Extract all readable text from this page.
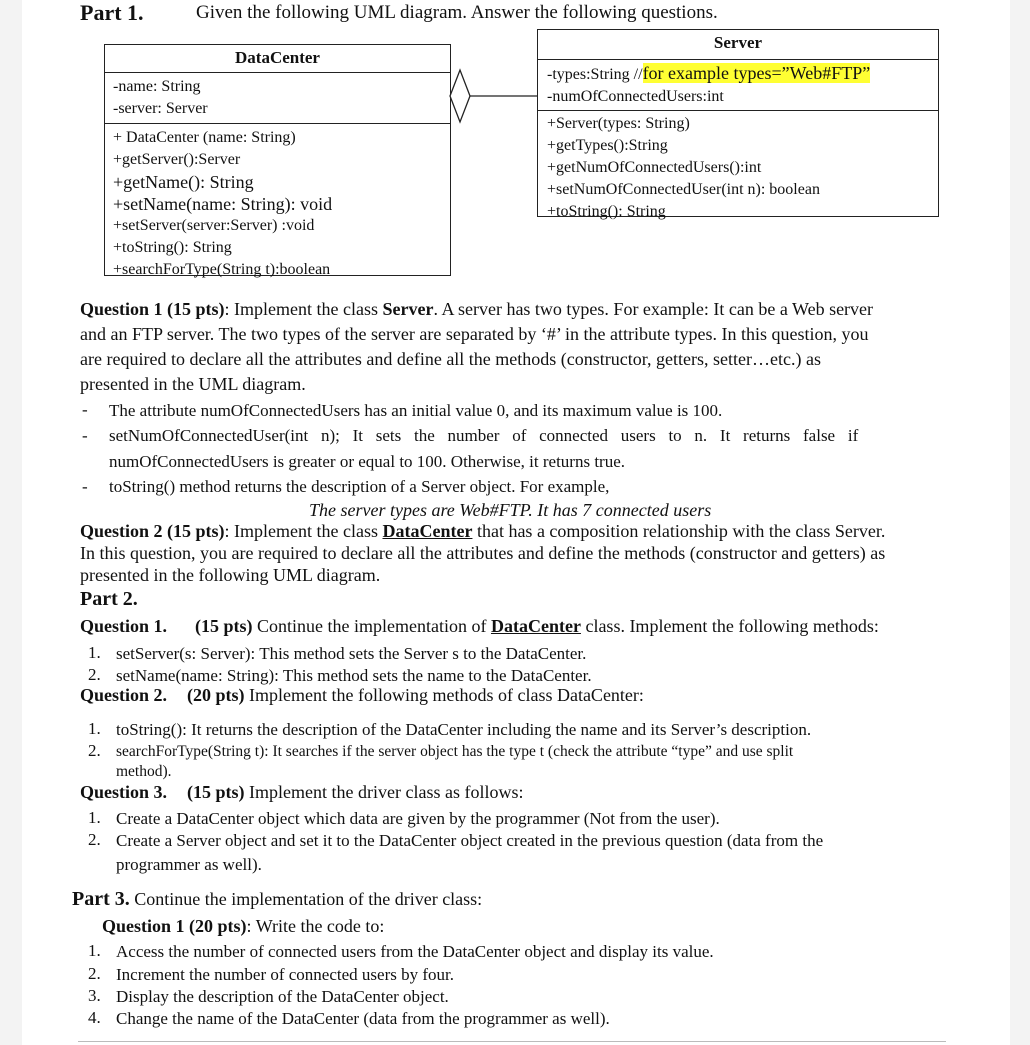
Part 1.	Given the following UML diagram. Answer the following questions.
DataCenter
-name: String
-server: Server
+ DataCenter (name: String)
+getServer():Server
+getName(): String
+setName(name: String): void
+setServer(server:Server) :void
+toString(): String
+searchForType(String t):boolean
Server
-types:String //for example types=”Web#FTP”
-numOfConnectedUsers:int
+Server(types: String)
+getTypes():String
+getNumOfConnectedUsers():int
+setNumOfConnectedUser(int n): boolean
+toString(): String
Question 1 (15 pts): Implement the class Server. A server has two types. For example: It can be a Web server
and an FTP server. The two types of the server are separated by ‘#’ in the attribute types. In this question, you
are required to declare all the attributes and define all the methods (constructor, getters, setter…etc.) as
presented in the UML diagram.
- The attribute numOfConnectedUsers has an initial value 0, and its maximum value is 100.
- setNumOfConnectedUser(int   n);   It   sets   the   number   of   connected   users   to   n.   It   returns   false   if
numOfConnectedUsers is greater or equal to 100. Otherwise, it returns true.
- toString() method returns the description of a Server object. For example,
The server types are Web#FTP. It has 7 connected users
Question 2 (15 pts): Implement the class DataCenter that has a composition relationship with the class Server.
In this question, you are required to declare all the attributes and define the methods (constructor and getters) as
presented in the following UML diagram.
Part 2.
Question 1. (15 pts) Continue the implementation of DataCenter class. Implement the following methods:
1. setServer(s: Server): This method sets the Server s to the DataCenter.
2. setName(name: String): This method sets the name to the DataCenter.
Question 2. (20 pts) Implement the following methods of class DataCenter:
1. toString(): It returns the description of the DataCenter including the name and its Server’s description.
2. searchForType(String t): It searches if the server object has the type t (check the attribute “type” and use split
method).
Question 3. (15 pts) Implement the driver class as follows:
1. Create a DataCenter object which data are given by the programmer (Not from the user).
2. Create a Server object and set it to the DataCenter object created in the previous question (data from the
programmer as well).
Part 3. Continue the implementation of the driver class:
Question 1 (20 pts): Write the code to:
1. Access the number of connected users from the DataCenter object and display its value.
2. Increment the number of connected users by four.
3. Display the description of the DataCenter object.
4. Change the name of the DataCenter (data from the programmer as well).
